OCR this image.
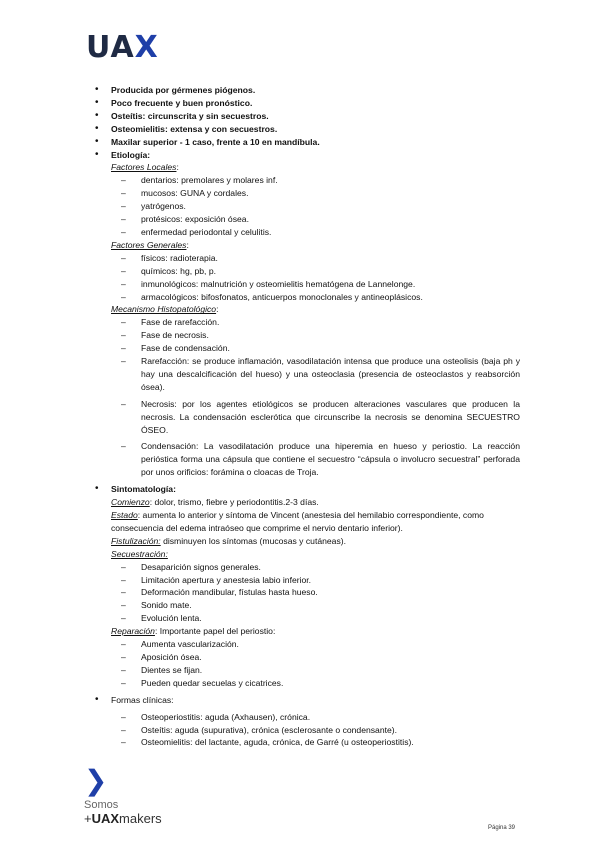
UAX
• Producida por gérmenes piógenos.
• Poco frecuente y buen pronóstico.
• Osteítis: circunscrita y sin secuestros.
• Osteomielitis: extensa y con secuestros.
• Maxilar superior - 1 caso, frente a 10 en mandíbula.
• Etiología:
Factores Locales:
– dentarios: premolares y molares inf.
– mucosos: GUNA y cordales.
– yatrógenos.
– protésicos: exposición ósea.
– enfermedad periodontal y celulitis.
Factores Generales:
– físicos: radioterapia.
– químicos: hg, pb, p.
– inmunológicos: malnutrición y osteomielitis hematógena de Lannelonge.
– armacológicos: bifosfonatos, anticuerpos monoclonales y antineoplásicos.
Mecanismo Histopatológico:
– Fase de rarefacción.
– Fase de necrosis.
– Fase de condensación.
– Rarefacción: se produce inflamación, vasodilatación intensa que produce una osteolisis (baja ph y hay una descalcificación del hueso) y una osteoclasia (presencia de osteoclastos y reabsorción ósea).
– Necrosis: por los agentes etiológicos se producen alteraciones vasculares que producen la necrosis. La condensación esclerótica que circunscribe la necrosis se denomina SECUESTRO ÓSEO.
– Condensación: La vasodilatación produce una hiperemia en hueso y periostio. La reacción perióstica forma una cápsula que contiene el secuestro “cápsula o involucro secuestral” perforada por unos orificios: forámina o cloacas de Troja.
• Sintomatología:
Comienzo: dolor, trismo, fiebre y periodontitis.2-3 días.
Estado: aumenta lo anterior y síntoma de Vincent (anestesia del hemilabio correspondiente, como consecuencia del edema intraóseo que comprime el nervio dentario inferior).
Fistulización: disminuyen los síntomas (mucosas y cutáneas).
Secuestración:
– Desaparición signos generales.
– Limitación apertura y anestesia labio inferior.
– Deformación mandibular, fístulas hasta hueso.
– Sonido mate.
– Evolución lenta.
Reparación: Importante papel del periostio:
– Aumenta vascularización.
– Aposición ósea.
– Dientes se fijan.
– Pueden quedar secuelas y cicatrices.
• Formas clínicas:
– Osteoperiostitis: aguda (Axhausen), crónica.
– Osteítis: aguda (supurativa), crónica (esclerosante o condensante).
– Osteomielitis: del lactante, aguda, crónica, de Garré (u osteoperiostitis).
❯
Somos
+UAXmakers
Página 39
